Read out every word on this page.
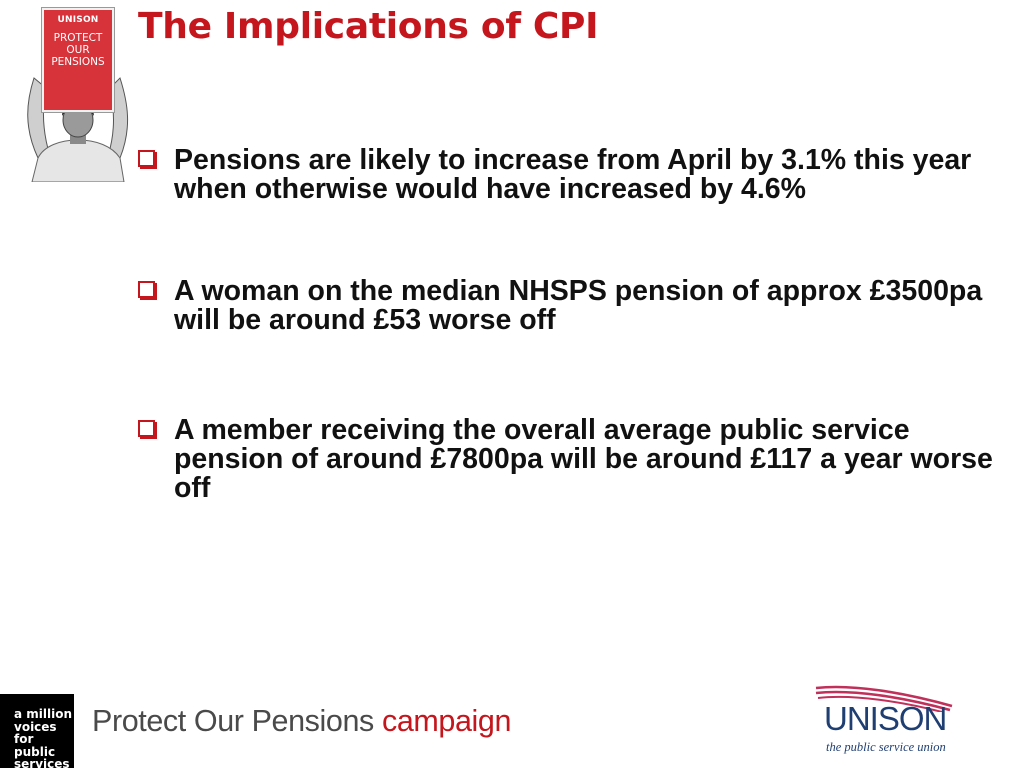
UNISON
PROTECT
OUR
PENSIONS
The Implications of CPI
Pensions are likely to increase from April by 3.1% this year when otherwise would have increased by 4.6%
A woman on the median NHSPS pension of approx £3500pa will be around £53 worse off
A member receiving the overall average public service pension of around £7800pa will be around £117 a year worse off
a million
voices
for
public
services
Protect Our Pensions campaign	UNISON
the public service union
